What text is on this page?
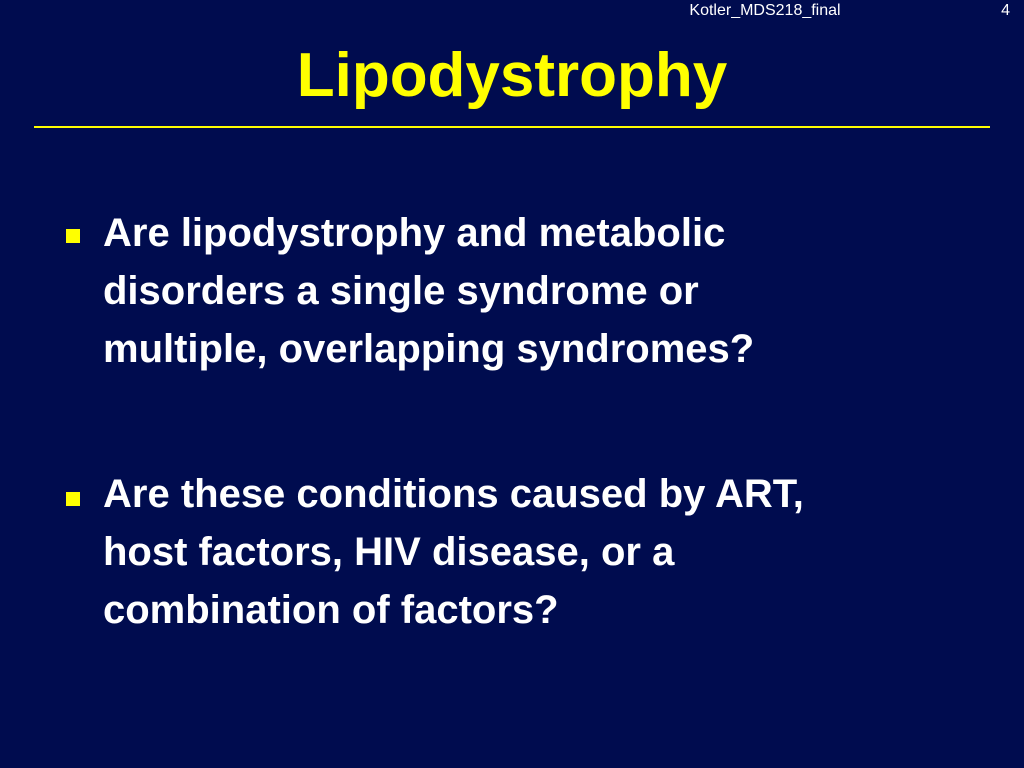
Kotler_MDS218_final	4
Lipodystrophy
Are lipodystrophy and metabolic
disorders a single syndrome or
multiple, overlapping syndromes?
Are these conditions caused by ART,
host factors, HIV disease, or a
combination of factors?
